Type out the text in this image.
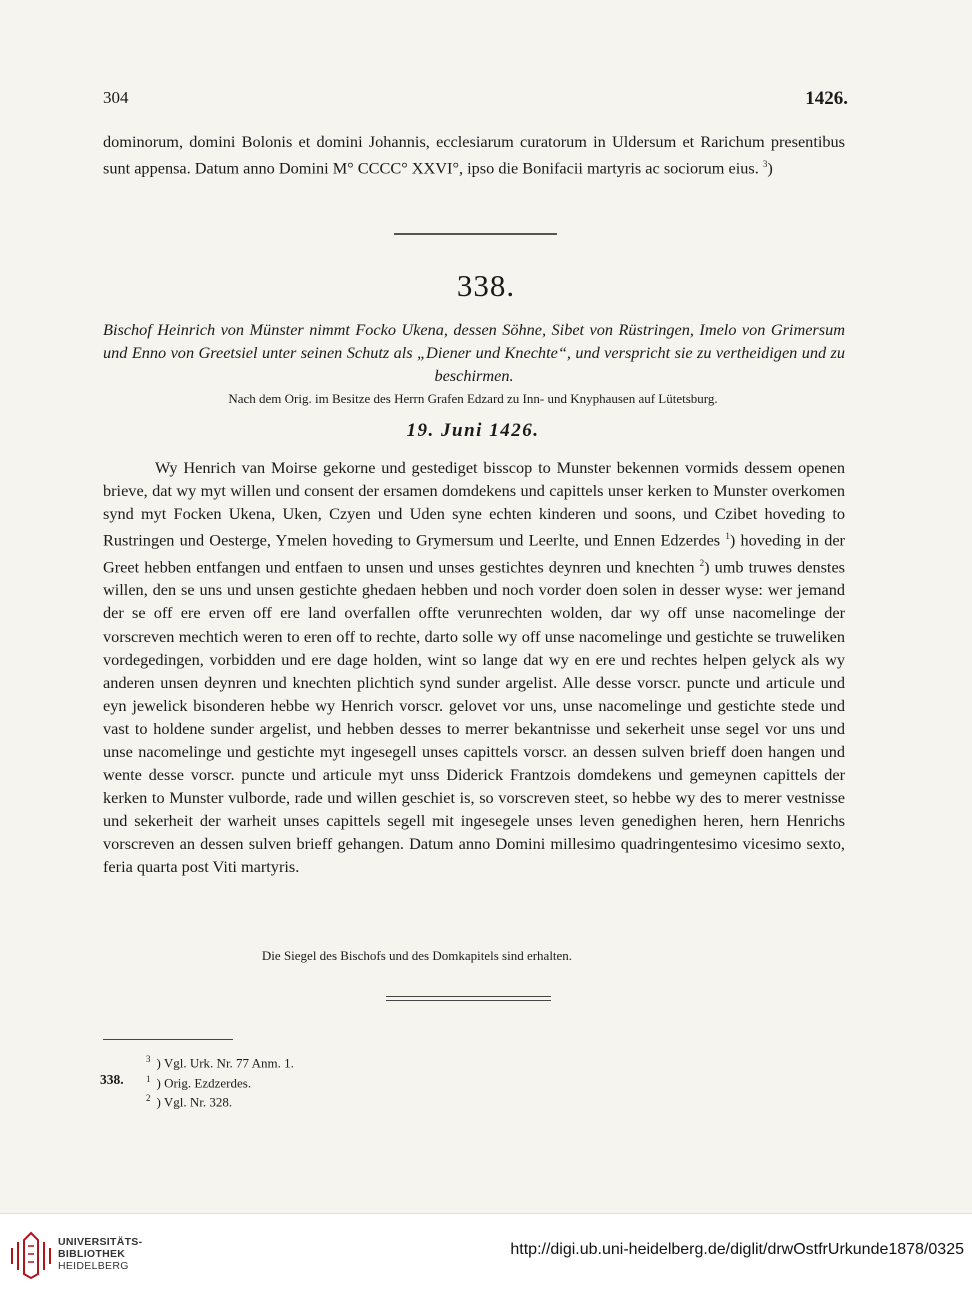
304	1426.
dominorum, domini Bolonis et domini Johannis, ecclesiarum curatorum in Uldersum et Rarichum presentibus sunt appensa. Datum anno Domini M° CCCC° XXVI°, ipso die Bonifacii martyris ac sociorum eius. $^3$)
338.
Bischof Heinrich von Münster nimmt Focko Ukena, dessen Söhne, Sibet von Rüstringen, Imelo von Grimersum und Enno von Greetsiel unter seinen Schutz als „Diener und Knechte“, und verspricht sie zu vertheidigen und zu beschirmen.
Nach dem Orig. im Besitze des Herrn Grafen Edzard zu Inn- und Knyphausen auf Lütetsburg.
19. Juni 1426.
Wy Henrich van Moirse gekorne und gestediget bisscop to Munster bekennen vormids dessem openen brieve, dat wy myt willen und consent der ersamen domdekens und capittels unser kerken to Munster overkomen synd myt Focken Ukena, Uken, Czyen und Uden syne echten kinderen und soons, und Czibet hoveding to Rustringen und Oesterge, Ymelen hoveding to Grymersum und Leerlte, und Ennen Edzerdes $^1$) hoveding in der Greet hebben entfangen und entfaen to unsen und unses gestichtes deynren und knechten $^2$) umb truwes denstes willen, den se uns und unsen gestichte ghedaen hebben und noch vorder doen solen in desser wyse: wer jemand der se off ere erven off ere land overfallen offte verunrechten wolden, dar wy off unse nacomelinge der vorscreven mechtich weren to eren off to rechte, darto solle wy off unse nacomelinge und gestichte se truweliken vordegedingen, vorbidden und ere dage holden, wint so lange dat wy en ere und rechtes helpen gelyck als wy anderen unsen deynren und knechten plichtich synd sunder argelist. Alle desse vorscr. puncte und articule und eyn jewelick bisonderen hebbe wy Henrich vorscr. gelovet vor uns, unse nacomelinge und gestichte stede und vast to holdene sunder argelist, und hebben desses to merrer bekantnisse und sekerheit unse segel vor uns und unse nacomelinge und gestichte myt ingesegell unses capittels vorscr. an dessen sulven brieff doen hangen und wente desse vorscr. puncte und articule myt unss Diderick Frantzois domdekens und gemeynen capittels der kerken to Munster vulborde, rade und willen geschiet is, so vorscreven steet, so hebbe wy des to merer vestnisse und sekerheit der warheit unses capittels segell mit ingesegele unses leven genedighen heren, hern Henrichs vorscreven an dessen sulven brieff gehangen. Datum anno Domini millesimo quadringentesimo vicesimo sexto, feria quarta post Viti martyris.
Die Siegel des Bischofs und des Domkapitels sind erhalten.
$^3$ ) Vgl. Urk. Nr. 77 Anm. 1.
338. $^1$ ) Orig. Ezdzerdes.
$^2$ ) Vgl. Nr. 328.
UNIVERSITÄTS-
BIBLIOTHEK
HEIDELBERG
http://digi.ub.uni-heidelberg.de/diglit/drwOstfrUrkunde1878/0325
